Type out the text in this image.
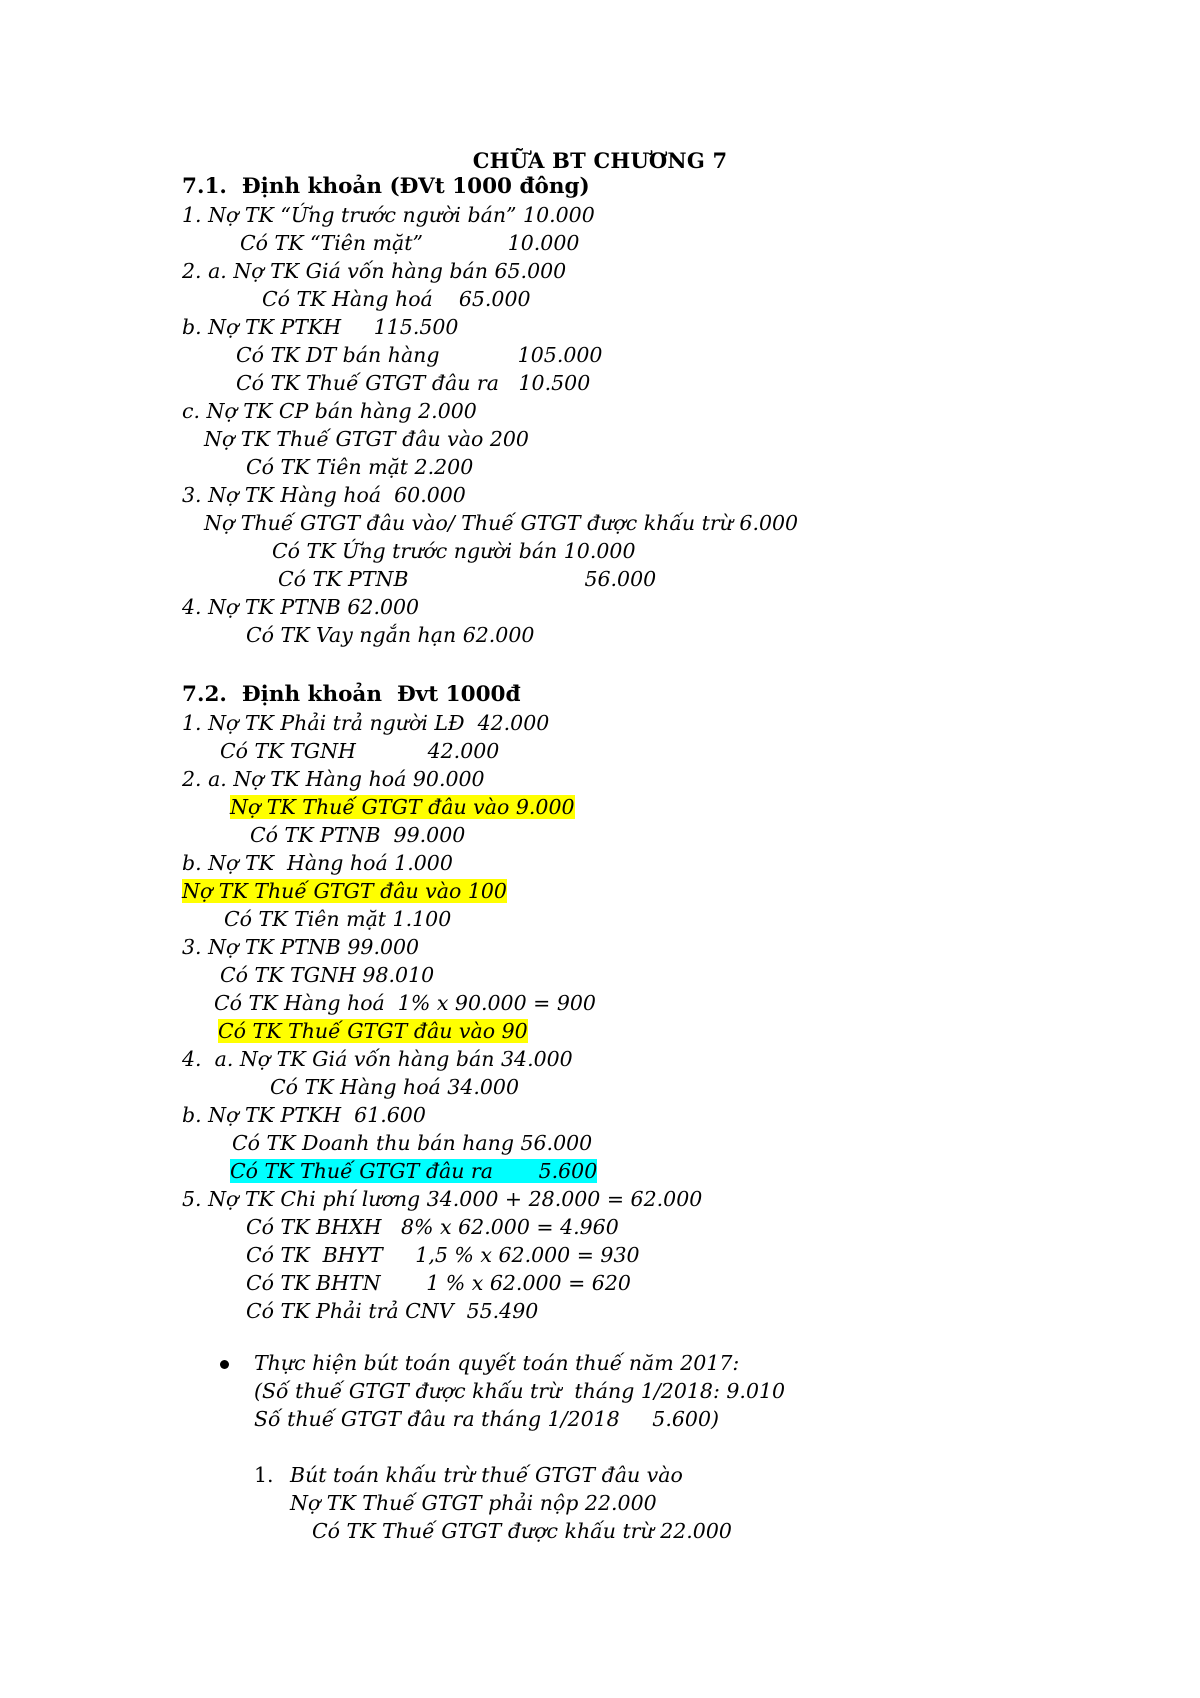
CHỮA BT CHƯƠNG 7
7.1.  Định khoản (ĐVt 1000 đông)
1. Nợ TK “Ứng trước người bán” 10.000
Có TK “Tiên mặt”             10.000
2. a. Nợ TK Giá vốn hàng bán 65.000
Có TK Hàng hoá    65.000
b. Nợ TK PTKH     115.500
Có TK DT bán hàng            105.000
Có TK Thuế GTGT đâu ra   10.500
c. Nợ TK CP bán hàng 2.000
Nợ TK Thuế GTGT đâu vào 200
Có TK Tiên mặt 2.200
3. Nợ TK Hàng hoá  60.000
Nợ Thuế GTGT đâu vào/ Thuế GTGT được khấu trừ 6.000
Có TK Ứng trước người bán 10.000
Có TK PTNB                           56.000
4. Nợ TK PTNB 62.000
Có TK Vay ngắn hạn 62.000
7.2.  Định khoản  Đvt 1000đ
1. Nợ TK Phải trả người LĐ  42.000
Có TK TGNH           42.000
2. a. Nợ TK Hàng hoá 90.000
Nợ TK Thuế GTGT đâu vào 9.000
Có TK PTNB  99.000
b. Nợ TK  Hàng hoá 1.000
Nợ TK Thuế GTGT đâu vào 100
Có TK Tiên mặt 1.100
3. Nợ TK PTNB 99.000
Có TK TGNH 98.010
Có TK Hàng hoá  1% x 90.000 = 900
Có TK Thuế GTGT đâu vào 90
4.  a. Nợ TK Giá vốn hàng bán 34.000
Có TK Hàng hoá 34.000
b. Nợ TK PTKH  61.600
Có TK Doanh thu bán hang 56.000
Có TK Thuế GTGT đâu ra       5.600
5. Nợ TK Chi phí lương 34.000 + 28.000 = 62.000
Có TK BHXH   8% x 62.000 = 4.960
Có TK  BHYT     1,5 % x 62.000 = 930
Có TK BHTN       1 % x 62.000 = 620
Có TK Phải trả CNV  55.490
Thực hiện bút toán quyết toán thuế năm 2017:
(Số thuế GTGT được khấu trừ  tháng 1/2018: 9.010
Số thuế GTGT đâu ra tháng 1/2018     5.600)
1. Bút toán khấu trừ thuế GTGT đâu vào
Nợ TK Thuế GTGT phải nộp 22.000
Có TK Thuế GTGT được khấu trừ 22.000
